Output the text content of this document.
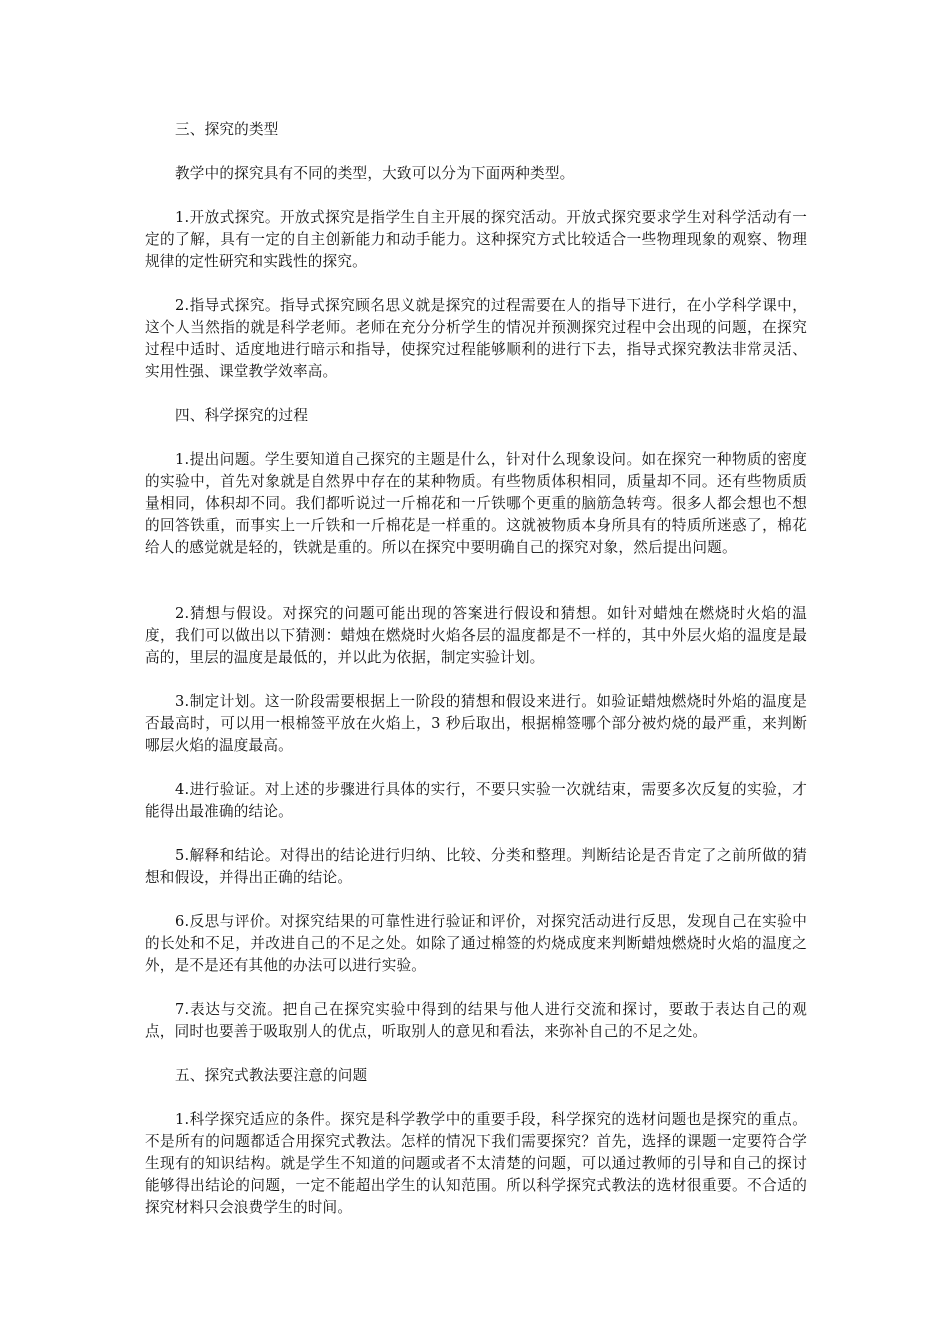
三、探究的类型

教学中的探究具有不同的类型，大致可以分为下面两种类型。

1.开放式探究。开放式探究是指学生自主开展的探究活动。开放式探究要求学生对科学活动有一定的了解，具有一定的自主创新能力和动手能力。这种探究方式比较适合一些物理现象的观察、物理规律的定性研究和实践性的探究。

2.指导式探究。指导式探究顾名思义就是探究的过程需要在人的指导下进行，在小学科学课中，这个人当然指的就是科学老师。老师在充分分析学生的情况并预测探究过程中会出现的问题，在探究过程中适时、适度地进行暗示和指导，使探究过程能够顺利的进行下去，指导式探究教法非常灵活、实用性强、课堂教学效率高。

四、科学探究的过程

1.提出问题。学生要知道自己探究的主题是什么，针对什么现象设问。如在探究一种物质的密度的实验中，首先对象就是自然界中存在的某种物质。有些物质体积相同，质量却不同。还有些物质质量相同，体积却不同。我们都听说过一斤棉花和一斤铁哪个更重的脑筋急转弯。很多人都会想也不想的回答铁重，而事实上一斤铁和一斤棉花是一样重的。这就被物质本身所具有的特质所迷惑了，棉花给人的感觉就是轻的，铁就是重的。所以在探究中要明确自己的探究对象，然后提出问题。

2.猜想与假设。对探究的问题可能出现的答案进行假设和猜想。如针对蜡烛在燃烧时火焰的温度，我们可以做出以下猜测：蜡烛在燃烧时火焰各层的温度都是不一样的，其中外层火焰的温度是最高的，里层的温度是最低的，并以此为依据，制定实验计划。

3.制定计划。这一阶段需要根据上一阶段的猜想和假设来进行。如验证蜡烛燃烧时外焰的温度是否最高时，可以用一根棉签平放在火焰上，3 秒后取出，根据棉签哪个部分被灼烧的最严重，来判断哪层火焰的温度最高。

4.进行验证。对上述的步骤进行具体的实行，不要只实验一次就结束，需要多次反复的实验，才能得出最准确的结论。

5.解释和结论。对得出的结论进行归纳、比较、分类和整理。判断结论是否肯定了之前所做的猜想和假设，并得出正确的结论。

6.反思与评价。对探究结果的可靠性进行验证和评价，对探究活动进行反思，发现自己在实验中的长处和不足，并改进自己的不足之处。如除了通过棉签的灼烧成度来判断蜡烛燃烧时火焰的温度之外，是不是还有其他的办法可以进行实验。

7.表达与交流。把自己在探究实验中得到的结果与他人进行交流和探讨，要敢于表达自己的观点，同时也要善于吸取别人的优点，听取别人的意见和看法，来弥补自己的不足之处。

五、探究式教法要注意的问题

1.科学探究适应的条件。探究是科学教学中的重要手段，科学探究的选材问题也是探究的重点。不是所有的问题都适合用探究式教法。怎样的情况下我们需要探究？首先，选择的课题一定要符合学生现有的知识结构。就是学生不知道的问题或者不太清楚的问题，可以通过教师的引导和自己的探讨能够得出结论的问题，一定不能超出学生的认知范围。所以科学探究式教法的选材很重要。不合适的探究材料只会浪费学生的时间。
